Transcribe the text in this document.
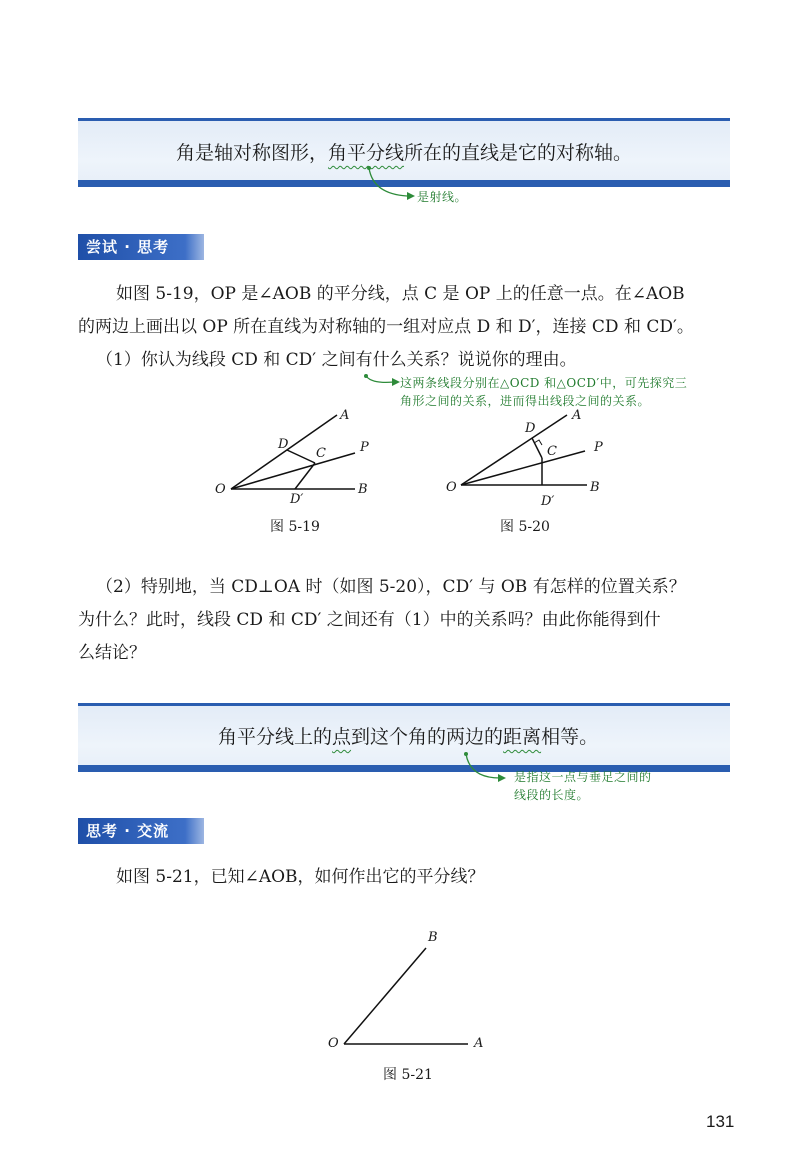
角是轴对称图形，角平分线所在的直线是它的对称轴。
是射线。
尝试 · 思考
如图 5-19，OP 是∠AOB 的平分线，点 C 是 OP 上的任意一点。在∠AOB
的两边上画出以 OP 所在直线为对称轴的一组对应点 D 和 D′，连接 CD 和 CD′。
（1）你认为线段 CD 和 CD′ 之间有什么关系？说说你的理由。
这两条线段分别在△OCD 和△OCD′中，可先探究三
角形之间的关系，进而得出线段之间的关系。
A
D	P
C
O	B
D′
图 5-19
A
D
P
C
O	B
D′
图 5-20
（2）特别地，当 CD⊥OA 时（如图 5-20），CD′ 与 OB 有怎样的位置关系？
为什么？此时，线段 CD 和 CD′ 之间还有（1）中的关系吗？由此你能得到什
么结论？
角平分线上的点到这个角的两边的距离相等。
是指这一点与垂足之间的
线段的长度。
思考 · 交流
如图 5-21，已知∠AOB，如何作出它的平分线？
B
O	A
图 5-21
131
